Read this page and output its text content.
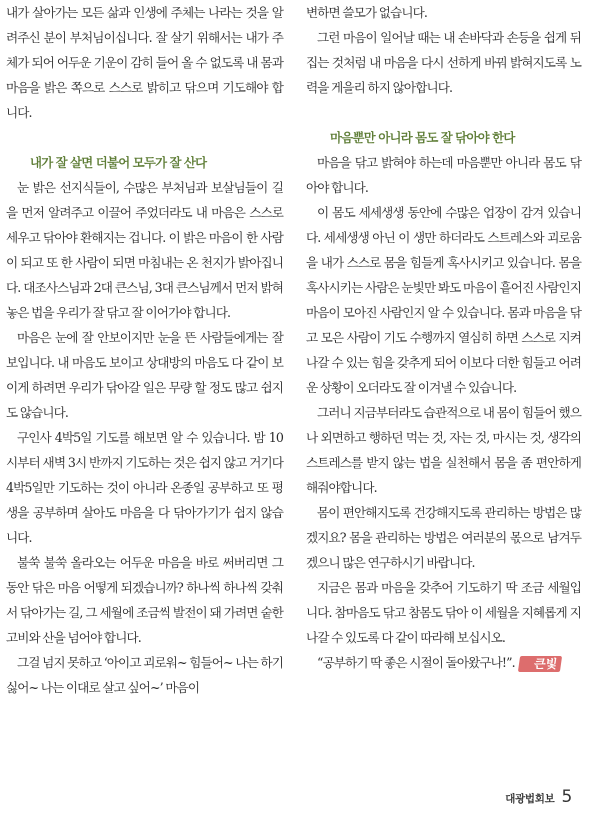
내가 살아가는 모든 삶과 인생에 주체는 나라는 것을 알려주신 분이 부처님이십니다. 잘 살기 위해서는 내가 주체가 되어 어두운 기운이 감히 들어 올 수 없도록 내 몸과 마음을 밝은 쪽으로 스스로 밝히고 닦으며 기도해야 합니다.

내가 잘 살면 더불어 모두가 잘 산다

눈 밝은 선지식들이, 수많은 부처님과 보살님들이 길을 먼저 알려주고 이끌어 주었더라도 내 마음은 스스로 세우고 닦아야 환해지는 겁니다. 이 밝은 마음이 한 사람이 되고 또 한 사람이 되면 마침내는 온 천지가 밝아집니다. 대조사스님과 2대 큰스님, 3대 큰스님께서 먼저 밝혀 놓은 법을 우리가 잘 닦고 잘 이어가야 합니다.

마음은 눈에 잘 안보이지만 눈을 뜬 사람들에게는 잘 보입니다. 내 마음도 보이고 상대방의 마음도 다 같이 보이게 하려면 우리가 닦아갈 일은 무량 할 정도 많고 쉽지도 않습니다.

구인사 4박5일 기도를 해보면 알 수 있습니다. 밤 10시부터 새벽 3시 반까지 기도하는 것은 쉽지 않고 거기다 4박5일만 기도하는 것이 아니라 온종일 공부하고 또 평생을 공부하며 살아도 마음을 다 닦아가기가 쉽지 않습니다.

불쑥 불쑥 올라오는 어두운 마음을 바로 써버리면 그동안 닦은 마음 어떻게 되겠습니까? 하나씩 하나씩 갖춰서 닦아가는 길, 그 세월에 조금씩 발전이 돼 가려면 숱한 고비와 산을 넘어야 합니다.

그걸 넘지 못하고 ‘아이고 괴로워~ 힘들어~ 나는 하기 싫어~ 나는 이대로 살고 싶어~’ 마음이

변하면 쓸모가 없습니다.

그런 마음이 일어날 때는 내 손바닥과 손등을 쉽게 뒤집는 것처럼 내 마음을 다시 선하게 바꿔 밝혀지도록 노력을 게을리 하지 않아합니다.

마음뿐만 아니라 몸도 잘 닦아야 한다

마음을 닦고 밝혀야 하는데 마음뿐만 아니라 몸도 닦아야 합니다.

이 몸도 세세생생 동안에 수많은 업장이 감겨 있습니다. 세세생생 아닌 이 생만 하더라도 스트레스와 괴로움을 내가 스스로 몸을 힘들게 혹사시키고 있습니다. 몸을 혹사시키는 사람은 눈빛만 봐도 마음이 흩어진 사람인지 마음이 모아진 사람인지 알 수 있습니다. 몸과 마음을 닦고 모은 사람이 기도 수행까지 열심히 하면 스스로 지켜나갈 수 있는 힘을 갖추게 되어 이보다 더한 힘들고 어려운 상황이 오더라도 잘 이겨낼 수 있습니다.

그러니 지금부터라도 습관적으로 내 몸이 힘들어 했으나 외면하고 행하던 먹는 것, 자는 것, 마시는 것, 생각의 스트레스를 받지 않는 법을 실천해서 몸을 좀 편안하게 해줘야합니다.

몸이 편안해지도록 건강해지도록 관리하는 방법은 많겠지요? 몸을 관리하는 방법은 여러분의 몫으로 남겨두겠으니 많은 연구하시기 바랍니다.

지금은 몸과 마음을 갖추어 기도하기 딱 조금 세월입니다. 참마음도 닦고 참몸도 닦아 이 세월을 지혜롭게 지나갈 수 있도록 다 같이 따라해 보십시오.

“공부하기 딱 좋은 시절이 돌아왔구나!”. 큰빛

대광법회보 5
